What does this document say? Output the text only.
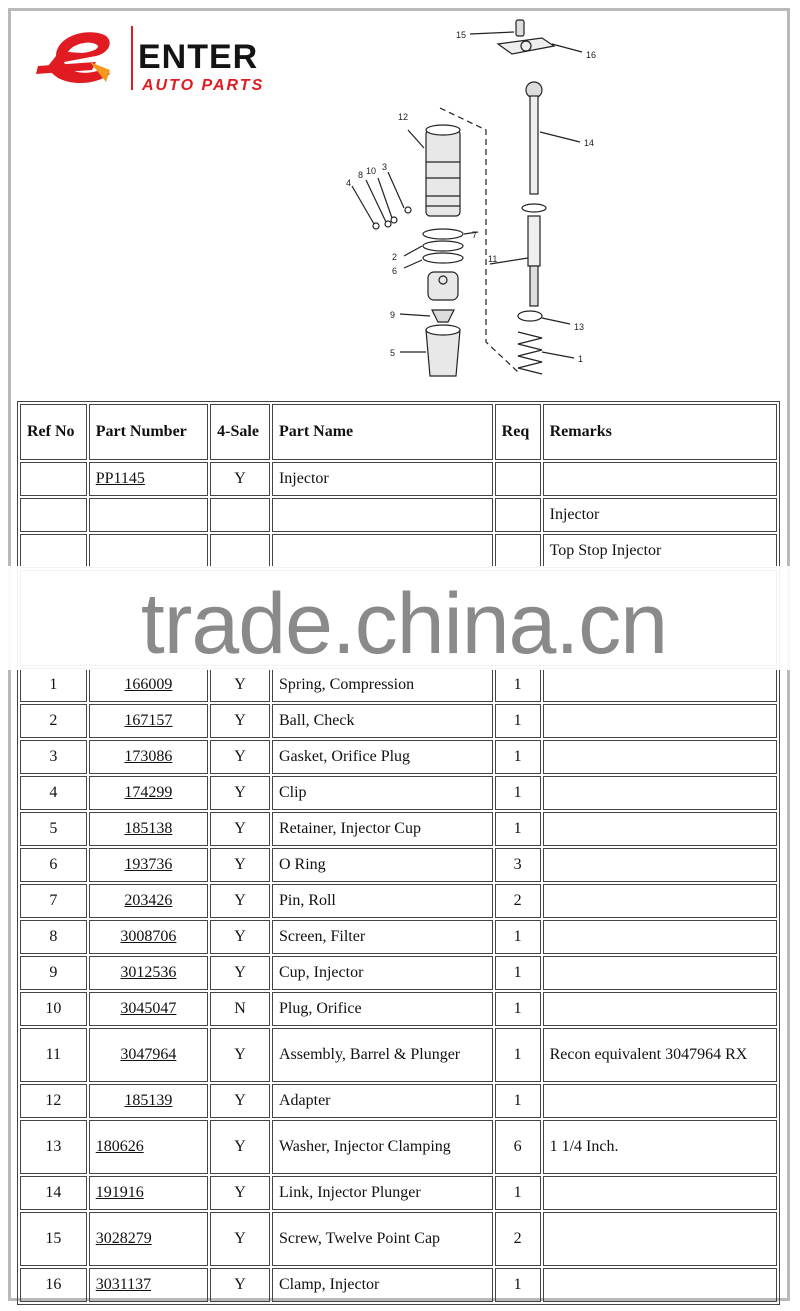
ENTER
AUTO PARTS
15
16
14
12
3
10
8
4
7
2
6
11
9
13
5
1
Ref No	Part Number	4-Sale	Part Name	Req	Remarks
	PP1145	Y	Injector		
					Injector
					Top Stop Injector

1	166009	Y	Spring, Compression	1	
2	167157	Y	Ball, Check	1	
3	173086	Y	Gasket, Orifice Plug	1	
4	174299	Y	Clip	1	
5	185138	Y	Retainer, Injector Cup	1	
6	193736	Y	O Ring	3	
7	203426	Y	Pin, Roll	2	
8	3008706	Y	Screen, Filter	1	
9	3012536	Y	Cup, Injector	1	
10	3045047	N	Plug, Orifice	1	
11	3047964	Y	Assembly, Barrel & Plunger	1	Recon equivalent 3047964 RX
12	185139	Y	Adapter	1	
13	180626	Y	Washer, Injector Clamping	6	1 1/4 Inch.
14	191916	Y	Link, Injector Plunger	1	
15	3028279	Y	Screw, Twelve Point Cap	2	
16	3031137	Y	Clamp, Injector	1	
trade.china.cn
